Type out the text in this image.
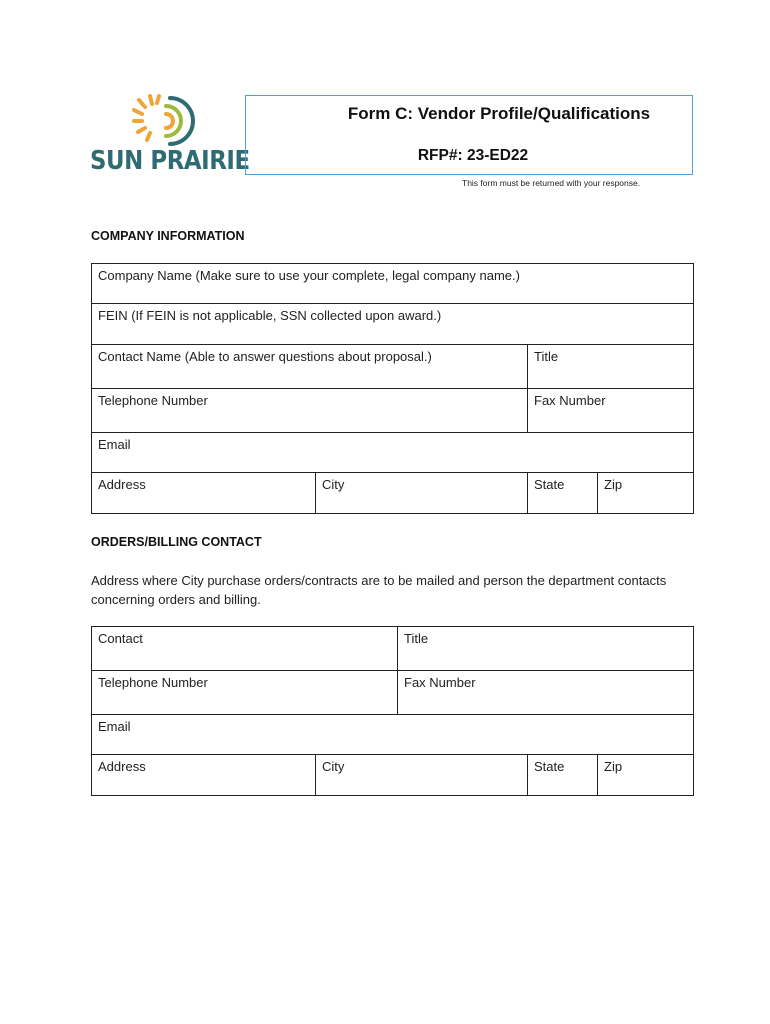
SUN PRAIRIE
Form C: Vendor Profile/Qualifications
RFP#: 23-ED22
This form must be returned with your response.
COMPANY INFORMATION
Company Name (Make sure to use your complete, legal company name.)			
FEIN (If FEIN is not applicable, SSN collected upon award.)			
Contact Name (Able to answer questions about proposal.)		Title	
Telephone Number		Fax Number	
Email			
Address	City	State	Zip
ORDERS/BILLING CONTACT
Address where City purchase orders/contracts are to be mailed and person the department contacts concerning orders and billing.
Contact		Title		
Telephone Number		Fax Number		
Email				
Address	City		State	Zip
